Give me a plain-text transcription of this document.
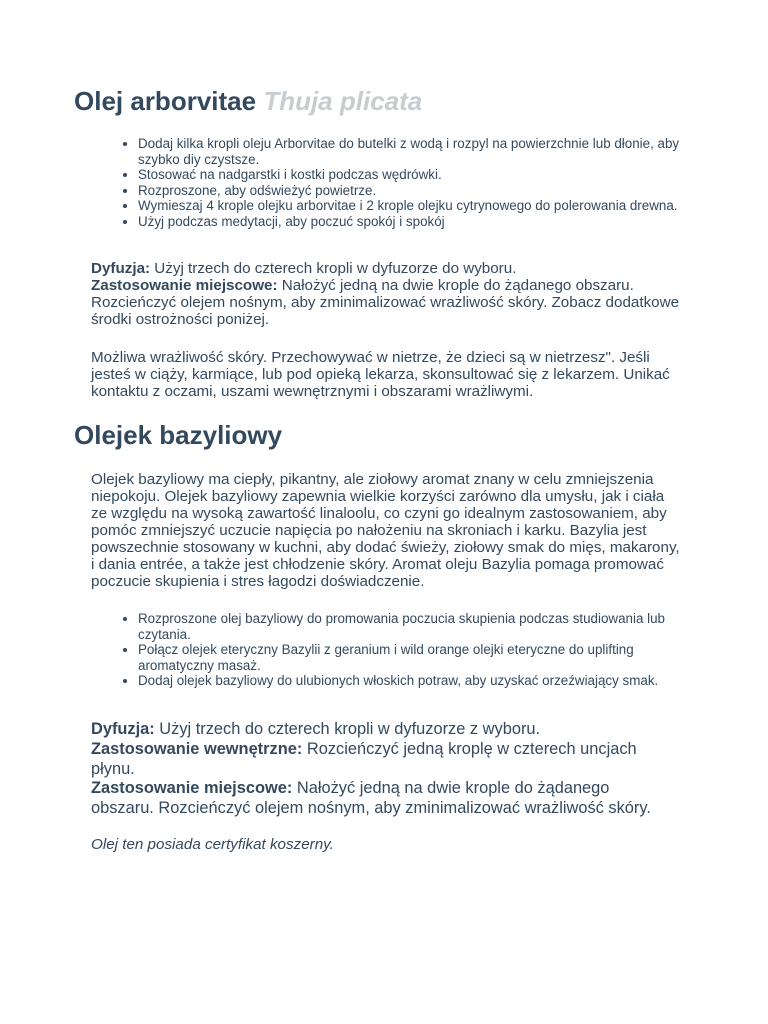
Olej arborvitae Thuja plicata
• Dodaj kilka kropli oleju Arborvitae do butelki z wodą i rozpyl na powierzchnie lub dłonie, aby szybko diy czystsze.
• Stosować na nadgarstki i kostki podczas wędrówki.
• Rozproszone, aby odświeżyć powietrze.
• Wymieszaj 4 krople olejku arborvitae i 2 krople olejku cytrynowego do polerowania drewna.
• Użyj podczas medytacji, aby poczuć spokój i spokój

Dyfuzja: Użyj trzech do czterech kropli w dyfuzorze do wyboru.
Zastosowanie miejscowe: Nałożyć jedną na dwie krople do żądanego obszaru. Rozcieńczyć olejem nośnym, aby zminimalizować wrażliwość skóry. Zobacz dodatkowe środki ostrożności poniżej.

Możliwa wrażliwość skóry. Przechowywać w nietrze, że dzieci są w nietrzesz". Jeśli jesteś w ciąży, karmiące, lub pod opieką lekarza, skonsultować się z lekarzem. Unikać kontaktu z oczami, uszami wewnętrznymi i obszarami wrażliwymi.

Olejek bazyliowy

Olejek bazyliowy ma ciepły, pikantny, ale ziołowy aromat znany w celu zmniejszenia niepokoju. Olejek bazyliowy zapewnia wielkie korzyści zarówno dla umysłu, jak i ciała ze względu na wysoką zawartość linaloolu, co czyni go idealnym zastosowaniem, aby pomóc zmniejszyć uczucie napięcia po nałożeniu na skroniach i karku. Bazylia jest powszechnie stosowany w kuchni, aby dodać świeży, ziołowy smak do mięs, makarony, i dania entrée, a także jest chłodzenie skóry. Aromat oleju Bazylia pomaga promować poczucie skupienia i stres łagodzi doświadczenie.

• Rozproszone olej bazyliowy do promowania poczucia skupienia podczas studiowania lub czytania.
• Połącz olejek eteryczny Bazylii z geranium i wild orange olejki eteryczne do uplifting aromatyczny masaż.
• Dodaj olejek bazyliowy do ulubionych włoskich potraw, aby uzyskać orzeźwiający smak.

Dyfuzja: Użyj trzech do czterech kropli w dyfuzorze z wyboru.
Zastosowanie wewnętrzne: Rozcieńczyć jedną kroplę w czterech uncjach płynu.
Zastosowanie miejscowe: Nałożyć jedną na dwie krople do żądanego obszaru. Rozcieńczyć olejem nośnym, aby zminimalizować wrażliwość skóry.

Olej ten posiada certyfikat koszerny.
